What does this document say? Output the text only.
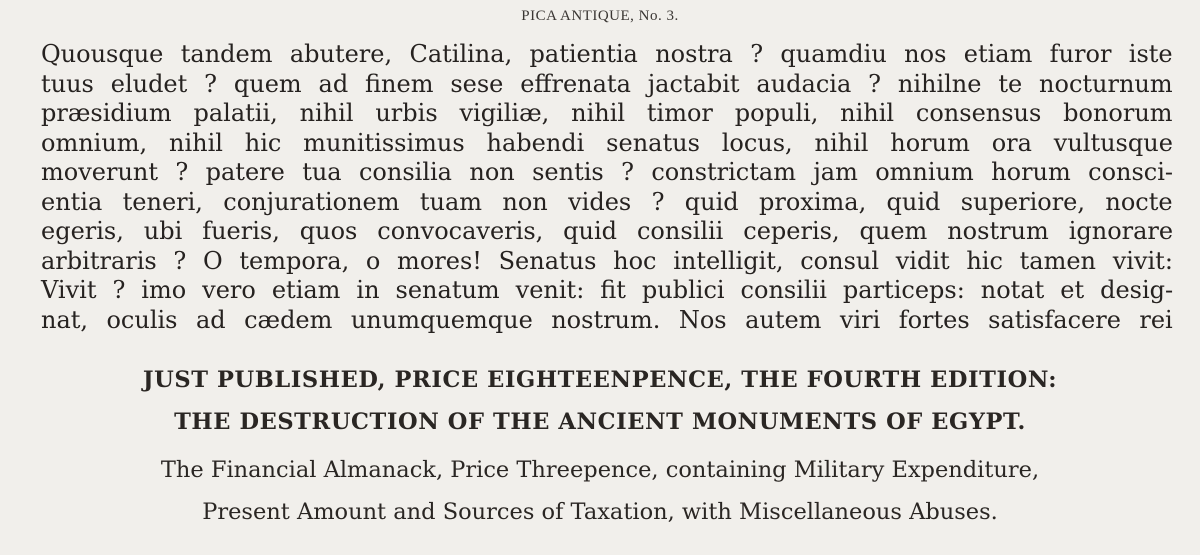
PICA ANTIQUE, No. 3.
Quousque tandem abutere, Catilina, patientia nostra ? quamdiu nos etiam furor iste
tuus eludet ? quem ad finem sese effrenata jactabit audacia ? nihilne te nocturnum
præsidium palatii, nihil urbis vigiliæ, nihil timor populi, nihil consensus bonorum
omnium, nihil hic munitissimus habendi senatus locus, nihil horum ora vultusque
moverunt ? patere tua consilia non sentis ? constrictam jam omnium horum consci-
entia teneri, conjurationem tuam non vides ? quid proxima, quid superiore, nocte
egeris, ubi fueris, quos convocaveris, quid consilii ceperis, quem nostrum ignorare
arbitraris ? O tempora, o mores! Senatus hoc intelligit, consul vidit hic tamen vivit:
Vivit ? imo vero etiam in senatum venit: fit publici consilii particeps: notat et desig-
nat, oculis ad cædem unumquemque nostrum. Nos autem viri fortes satisfacere rei
JUST PUBLISHED, PRICE EIGHTEENPENCE, THE FOURTH EDITION:
THE DESTRUCTION OF THE ANCIENT MONUMENTS OF EGYPT.
The Financial Almanack, Price Threepence, containing Military Expenditure,
Present Amount and Sources of Taxation, with Miscellaneous Abuses.
